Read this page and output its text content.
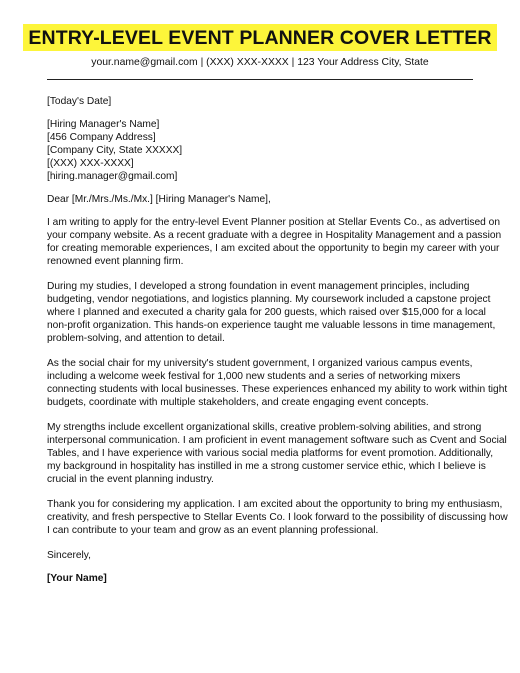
ENTRY-LEVEL EVENT PLANNER COVER LETTER
your.name@gmail.com | (XXX) XXX-XXXX | 123 Your Address City, State
[Today's Date]
[Hiring Manager's Name]
[456 Company Address]
[Company City, State XXXXX]
[(XXX) XXX-XXXX]
[hiring.manager@gmail.com]
Dear [Mr./Mrs./Ms./Mx.] [Hiring Manager's Name],
I am writing to apply for the entry-level Event Planner position at Stellar Events Co., as advertised on
your company website. As a recent graduate with a degree in Hospitality Management and a passion
for creating memorable experiences, I am excited about the opportunity to begin my career with your
renowned event planning firm.
During my studies, I developed a strong foundation in event management principles, including
budgeting, vendor negotiations, and logistics planning. My coursework included a capstone project
where I planned and executed a charity gala for 200 guests, which raised over $15,000 for a local
non-profit organization. This hands-on experience taught me valuable lessons in time management,
problem-solving, and attention to detail.
As the social chair for my university's student government, I organized various campus events,
including a welcome week festival for 1,000 new students and a series of networking mixers
connecting students with local businesses. These experiences enhanced my ability to work within tight
budgets, coordinate with multiple stakeholders, and create engaging event concepts.
My strengths include excellent organizational skills, creative problem-solving abilities, and strong
interpersonal communication. I am proficient in event management software such as Cvent and Social
Tables, and I have experience with various social media platforms for event promotion. Additionally,
my background in hospitality has instilled in me a strong customer service ethic, which I believe is
crucial in the event planning industry.
Thank you for considering my application. I am excited about the opportunity to bring my enthusiasm,
creativity, and fresh perspective to Stellar Events Co. I look forward to the possibility of discussing how
I can contribute to your team and grow as an event planning professional.
Sincerely,
[Your Name]
